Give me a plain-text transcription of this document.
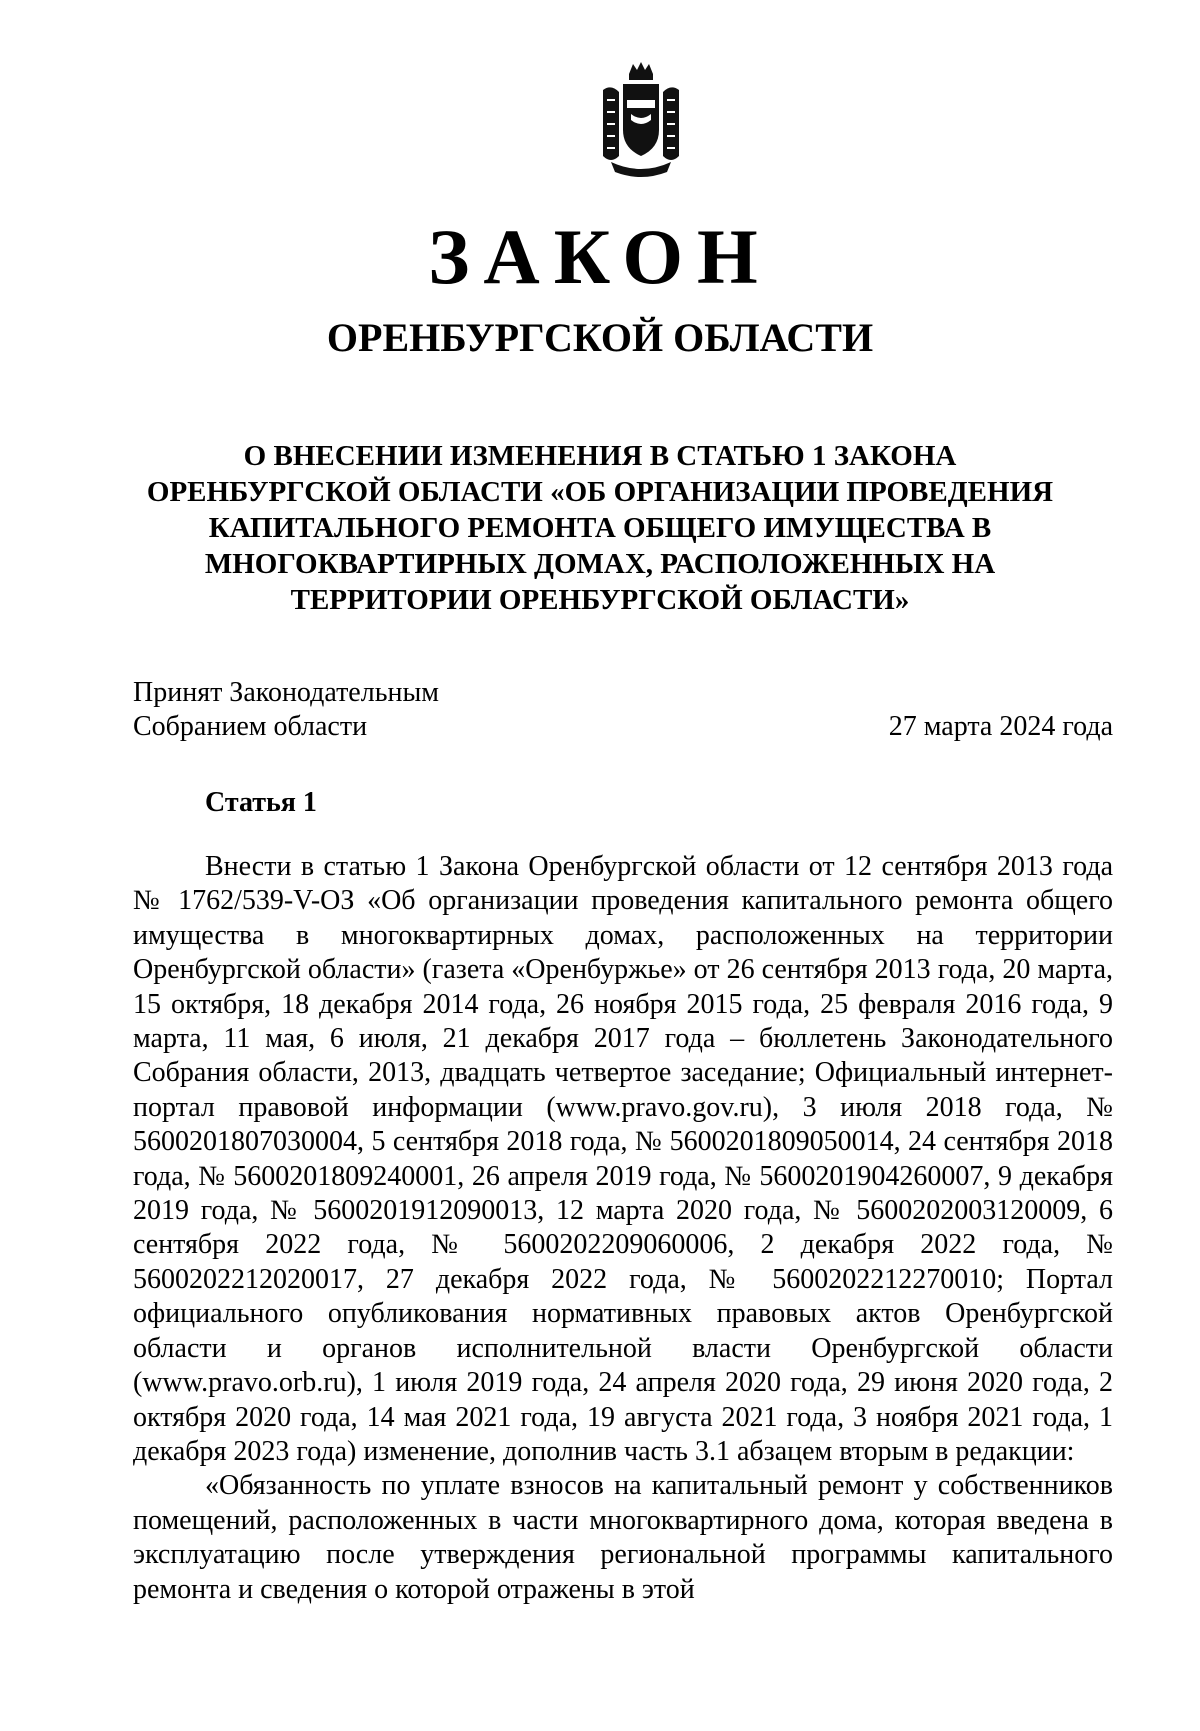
ЗАКОН
ОРЕНБУРГСКОЙ ОБЛАСТИ
О ВНЕСЕНИИ ИЗМЕНЕНИЯ В СТАТЬЮ 1 ЗАКОНА
ОРЕНБУРГСКОЙ ОБЛАСТИ «ОБ ОРГАНИЗАЦИИ ПРОВЕДЕНИЯ
КАПИТАЛЬНОГО РЕМОНТА ОБЩЕГО ИМУЩЕСТВА В
МНОГОКВАРТИРНЫХ ДОМАХ, РАСПОЛОЖЕННЫХ НА
ТЕРРИТОРИИ ОРЕНБУРГСКОЙ ОБЛАСТИ»
Принят Законодательным
Собранием области	27 марта 2024 года
Статья 1

Внести в статью 1 Закона Оренбургской области от 12 сентября 2013 года № 1762/539-V-ОЗ «Об организации проведения капитального ремонта общего имущества в многоквартирных домах, расположенных на территории Оренбургской области» (газета «Оренбуржье» от 26 сентября 2013 года, 20 марта, 15 октября, 18 декабря 2014 года, 26 ноября 2015 года, 25 февраля 2016 года, 9 марта, 11 мая, 6 июля, 21 декабря 2017 года – бюллетень Законодательного Собрания области, 2013, двадцать четвертое заседание; Официальный интернет-портал правовой информации (www.pravo.gov.ru), 3 июля 2018 года, № 5600201807030004, 5 сентября 2018 года, № 5600201809050014, 24 сентября 2018 года, № 5600201809240001, 26 апреля 2019 года, № 5600201904260007, 9 декабря 2019 года, № 5600201912090013, 12 марта 2020 года, № 5600202003120009, 6 сентября 2022 года, № 5600202209060006, 2 декабря 2022 года, № 5600202212020017, 27 декабря 2022 года, № 5600202212270010; Портал официального опубликования нормативных правовых актов Оренбургской области и органов исполнительной власти Оренбургской области (www.pravo.orb.ru), 1 июля 2019 года, 24 апреля 2020 года, 29 июня 2020 года, 2 октября 2020 года, 14 мая 2021 года, 19 августа 2021 года, 3 ноября 2021 года, 1 декабря 2023 года) изменение, дополнив часть 3.1 абзацем вторым в редакции:

«Обязанность по уплате взносов на капитальный ремонт у собственников помещений, расположенных в части многоквартирного дома, которая введена в эксплуатацию после утверждения региональной программы капитального ремонта и сведения о которой отражены в этой
